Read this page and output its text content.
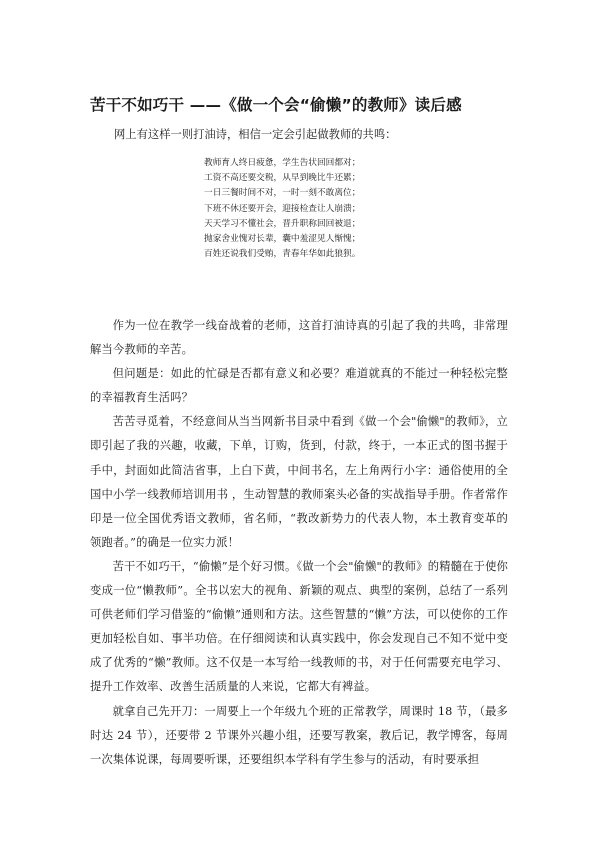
苦干不如巧干 ——《做一个会“偷懒”的教师》读后感
网上有这样一则打油诗，相信一定会引起做教师的共鸣：
教师育人终日疲惫，学生告状回回都对；
工资不高还要交税，从早到晚比牛还累；
一日三餐时间不对，一时一刻不敢离位；
下班不休还要开会，迎接检查让人崩溃；
天天学习不懂社会，晋升职称回回被退；
抛家舍业愧对长辈，囊中羞涩见人惭愧；
百姓还说我们受贿，青春年华如此狼狈。

作为一位在教学一线奋战着的老师，这首打油诗真的引起了我的共鸣，非常理解当今教师的辛苦。

但问题是：如此的忙碌是否都有意义和必要？难道就真的不能过一种轻松完整的幸福教育生活吗？

苦苦寻觅着，不经意间从当当网新书目录中看到《做一个会"偷懒"的教师》，立即引起了我的兴趣，收藏，下单，订购，货到，付款，终于，一本正式的图书握于手中，封面如此简洁省事，上白下黄，中间书名，左上角两行小字：通俗使用的全国中小学一线教师培训用书 ，生动智慧的教师案头必备的实战指导手册。作者常作印是一位全国优秀语文教师，省名师，“教改新势力的代表人物，本土教育变革的领跑者。”的确是一位实力派！

苦干不如巧干，“偷懒”是个好习惯。《做一个会"偷懒"的教师》的精髓在于使你变成一位“懒教师”。全书以宏大的视角、新颖的观点、典型的案例，总结了一系列可供老师们学习借鉴的“偷懒”通则和方法。这些智慧的“懒”方法，可以使你的工作更加轻松自如、事半功倍。在仔细阅读和认真实践中，你会发现自己不知不觉中变成了优秀的“懒”教师。这不仅是一本写给一线教师的书，对于任何需要充电学习、提升工作效率、改善生活质量的人来说，它都大有裨益。

就拿自己先开刀：一周要上一个年级九个班的正常教学，周课时 18 节，（最多时达 24 节），还要带 2 节课外兴趣小组，还要写教案，教后记，教学博客，每周一次集体说课，每周要听课，还要组织本学科有学生参与的活动，有时要承担
